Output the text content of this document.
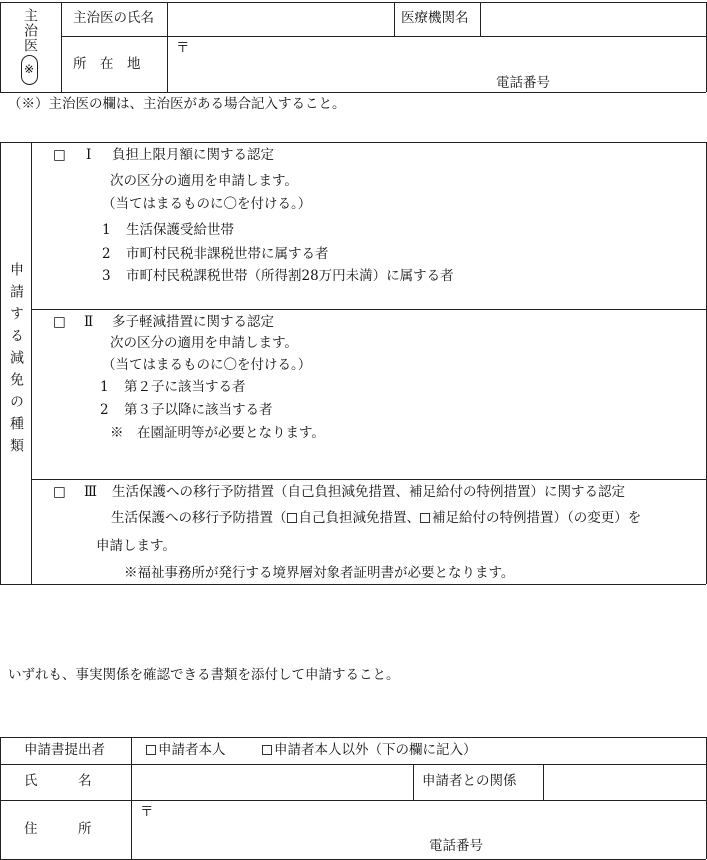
主治医
※
主治医の氏名	医療機関名
所　在　地
〒
電話番号
（※）主治医の欄は、主治医がある場合記入すること。
申請する減免の種類
□ Ⅰ 負担上限月額に関する認定
次の区分の適用を申請します。
（当てはまるものに〇を付ける。）
1 生活保護受給世帯
2 市町村民税非課税世帯に属する者
3 市町村民税課税世帯（所得割28万円未満）に属する者
□ Ⅱ 多子軽減措置に関する認定
次の区分の適用を申請します。
（当てはまるものに〇を付ける。）
1 第２子に該当する者
2 第３子以降に該当する者
※　在園証明等が必要となります。
□ Ⅲ 生活保護への移行予防措置（自己負担減免措置、補足給付の特例措置）に関する認定
生活保護への移行予防措置（ 自己負担減免措置、 補足給付の特例措置）（の変更）を
申請します。
※福祉事務所が発行する境界層対象者証明書が必要となります。
いずれも、事実関係を確認できる書類を添付して申請すること。
申請書提出者	申請者本人	申請者本人以外（下の欄に記入）
氏　　　名	申請者との関係
住　　　所
〒
電話番号
